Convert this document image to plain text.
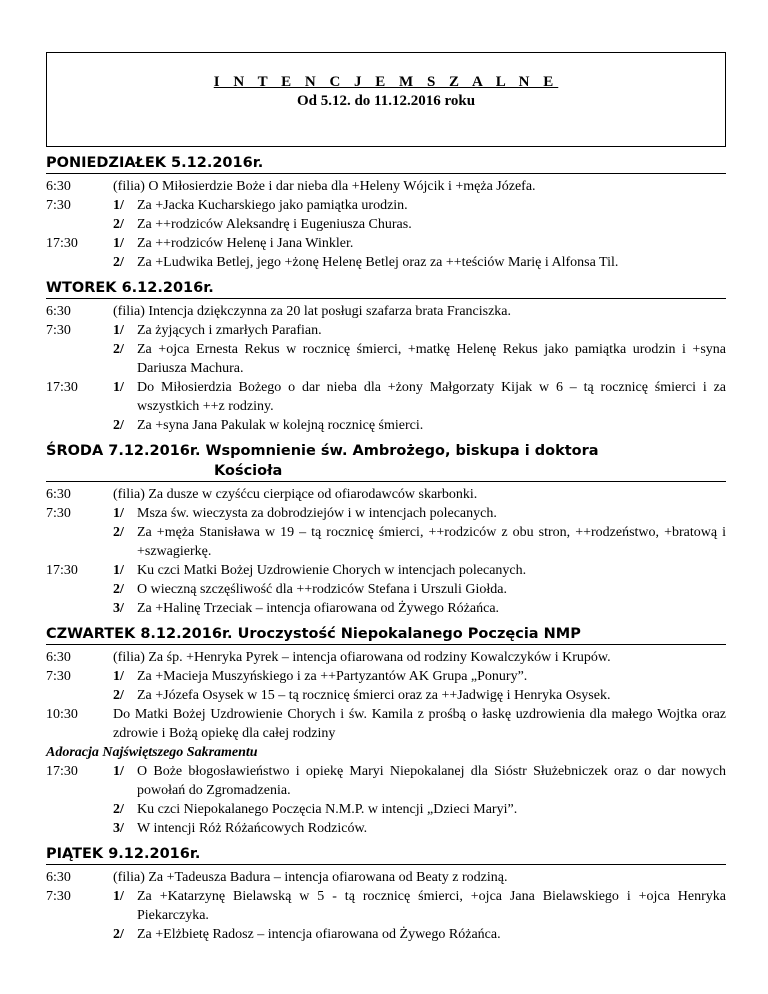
I N T E N C J E M S Z A L N E
Od 5.12. do 11.12.2016 roku
PONIEDZIAŁEK 5.12.2016r.
6:30	(filia) O Miłosierdzie Boże i dar nieba dla +Heleny Wójcik i +męża Józefa.
7:30	1/ Za +Jacka Kucharskiego jako pamiątka urodzin.
2/ Za ++rodziców Aleksandrę i Eugeniusza Churas.
17:30	1/ Za ++rodziców Helenę i Jana Winkler.
2/ Za +Ludwika Betlej, jego +żonę Helenę Betlej oraz za ++teściów Marię i Alfonsa Til.
WTOREK 6.12.2016r.
6:30	(filia) Intencja dziękczynna za 20 lat posługi szafarza brata Franciszka.
7:30	1/ Za żyjących i zmarłych Parafian.
2/ Za +ojca Ernesta Rekus w rocznicę śmierci, +matkę Helenę Rekus jako pamiątka urodzin i +syna Dariusza Machura.
17:30	1/ Do Miłosierdzia Bożego o dar nieba dla +żony Małgorzaty Kijak w 6 – tą rocznicę śmierci i za wszystkich ++z rodziny.
2/ Za +syna Jana Pakulak w kolejną rocznicę śmierci.
ŚRODA 7.12.2016r. Wspomnienie św. Ambrożego, biskupa i doktora
Kościoła
6:30	(filia) Za dusze w czyśćcu cierpiące od ofiarodawców skarbonki.
7:30	1/ Msza św. wieczysta za dobrodziejów i w intencjach polecanych.
2/ Za +męża Stanisława w 19 – tą rocznicę śmierci, ++rodziców z obu stron, ++rodzeństwo, +bratową i +szwagierkę.
17:30	1/ Ku czci Matki Bożej Uzdrowienie Chorych w intencjach polecanych.
2/ O wieczną szczęśliwość dla ++rodziców Stefana i Urszuli Giołda.
3/ Za +Halinę Trzeciak – intencja ofiarowana od Żywego Różańca.
CZWARTEK 8.12.2016r. Uroczystość Niepokalanego Poczęcia NMP
6:30	(filia) Za śp. +Henryka Pyrek – intencja ofiarowana od rodziny Kowalczyków i Krupów.
7:30	1/ Za +Macieja Muszyńskiego i za ++Partyzantów AK Grupa „Ponury”.
2/ Za +Józefa Osysek w 15 – tą rocznicę śmierci oraz za ++Jadwigę i Henryka Osysek.
10:30	Do Matki Bożej Uzdrowienie Chorych i św. Kamila z prośbą o łaskę uzdrowienia dla małego Wojtka oraz zdrowie i Bożą opiekę dla całej rodziny
Adoracja Najświętszego Sakramentu
17:30	1/ O Boże błogosławieństwo i opiekę Maryi Niepokalanej dla Sióstr Służebniczek oraz o dar nowych powołań do Zgromadzenia.
2/ Ku czci Niepokalanego Poczęcia N.M.P. w intencji „Dzieci Maryi”.
3/ W intencji Róż Różańcowych Rodziców.
PIĄTEK 9.12.2016r.
6:30	(filia) Za +Tadeusza Badura – intencja ofiarowana od Beaty z rodziną.
7:30	1/ Za +Katarzynę Bielawską w 5 - tą rocznicę śmierci, +ojca Jana Bielawskiego i +ojca Henryka Piekarczyka.
2/ Za +Elżbietę Radosz – intencja ofiarowana od Żywego Różańca.
